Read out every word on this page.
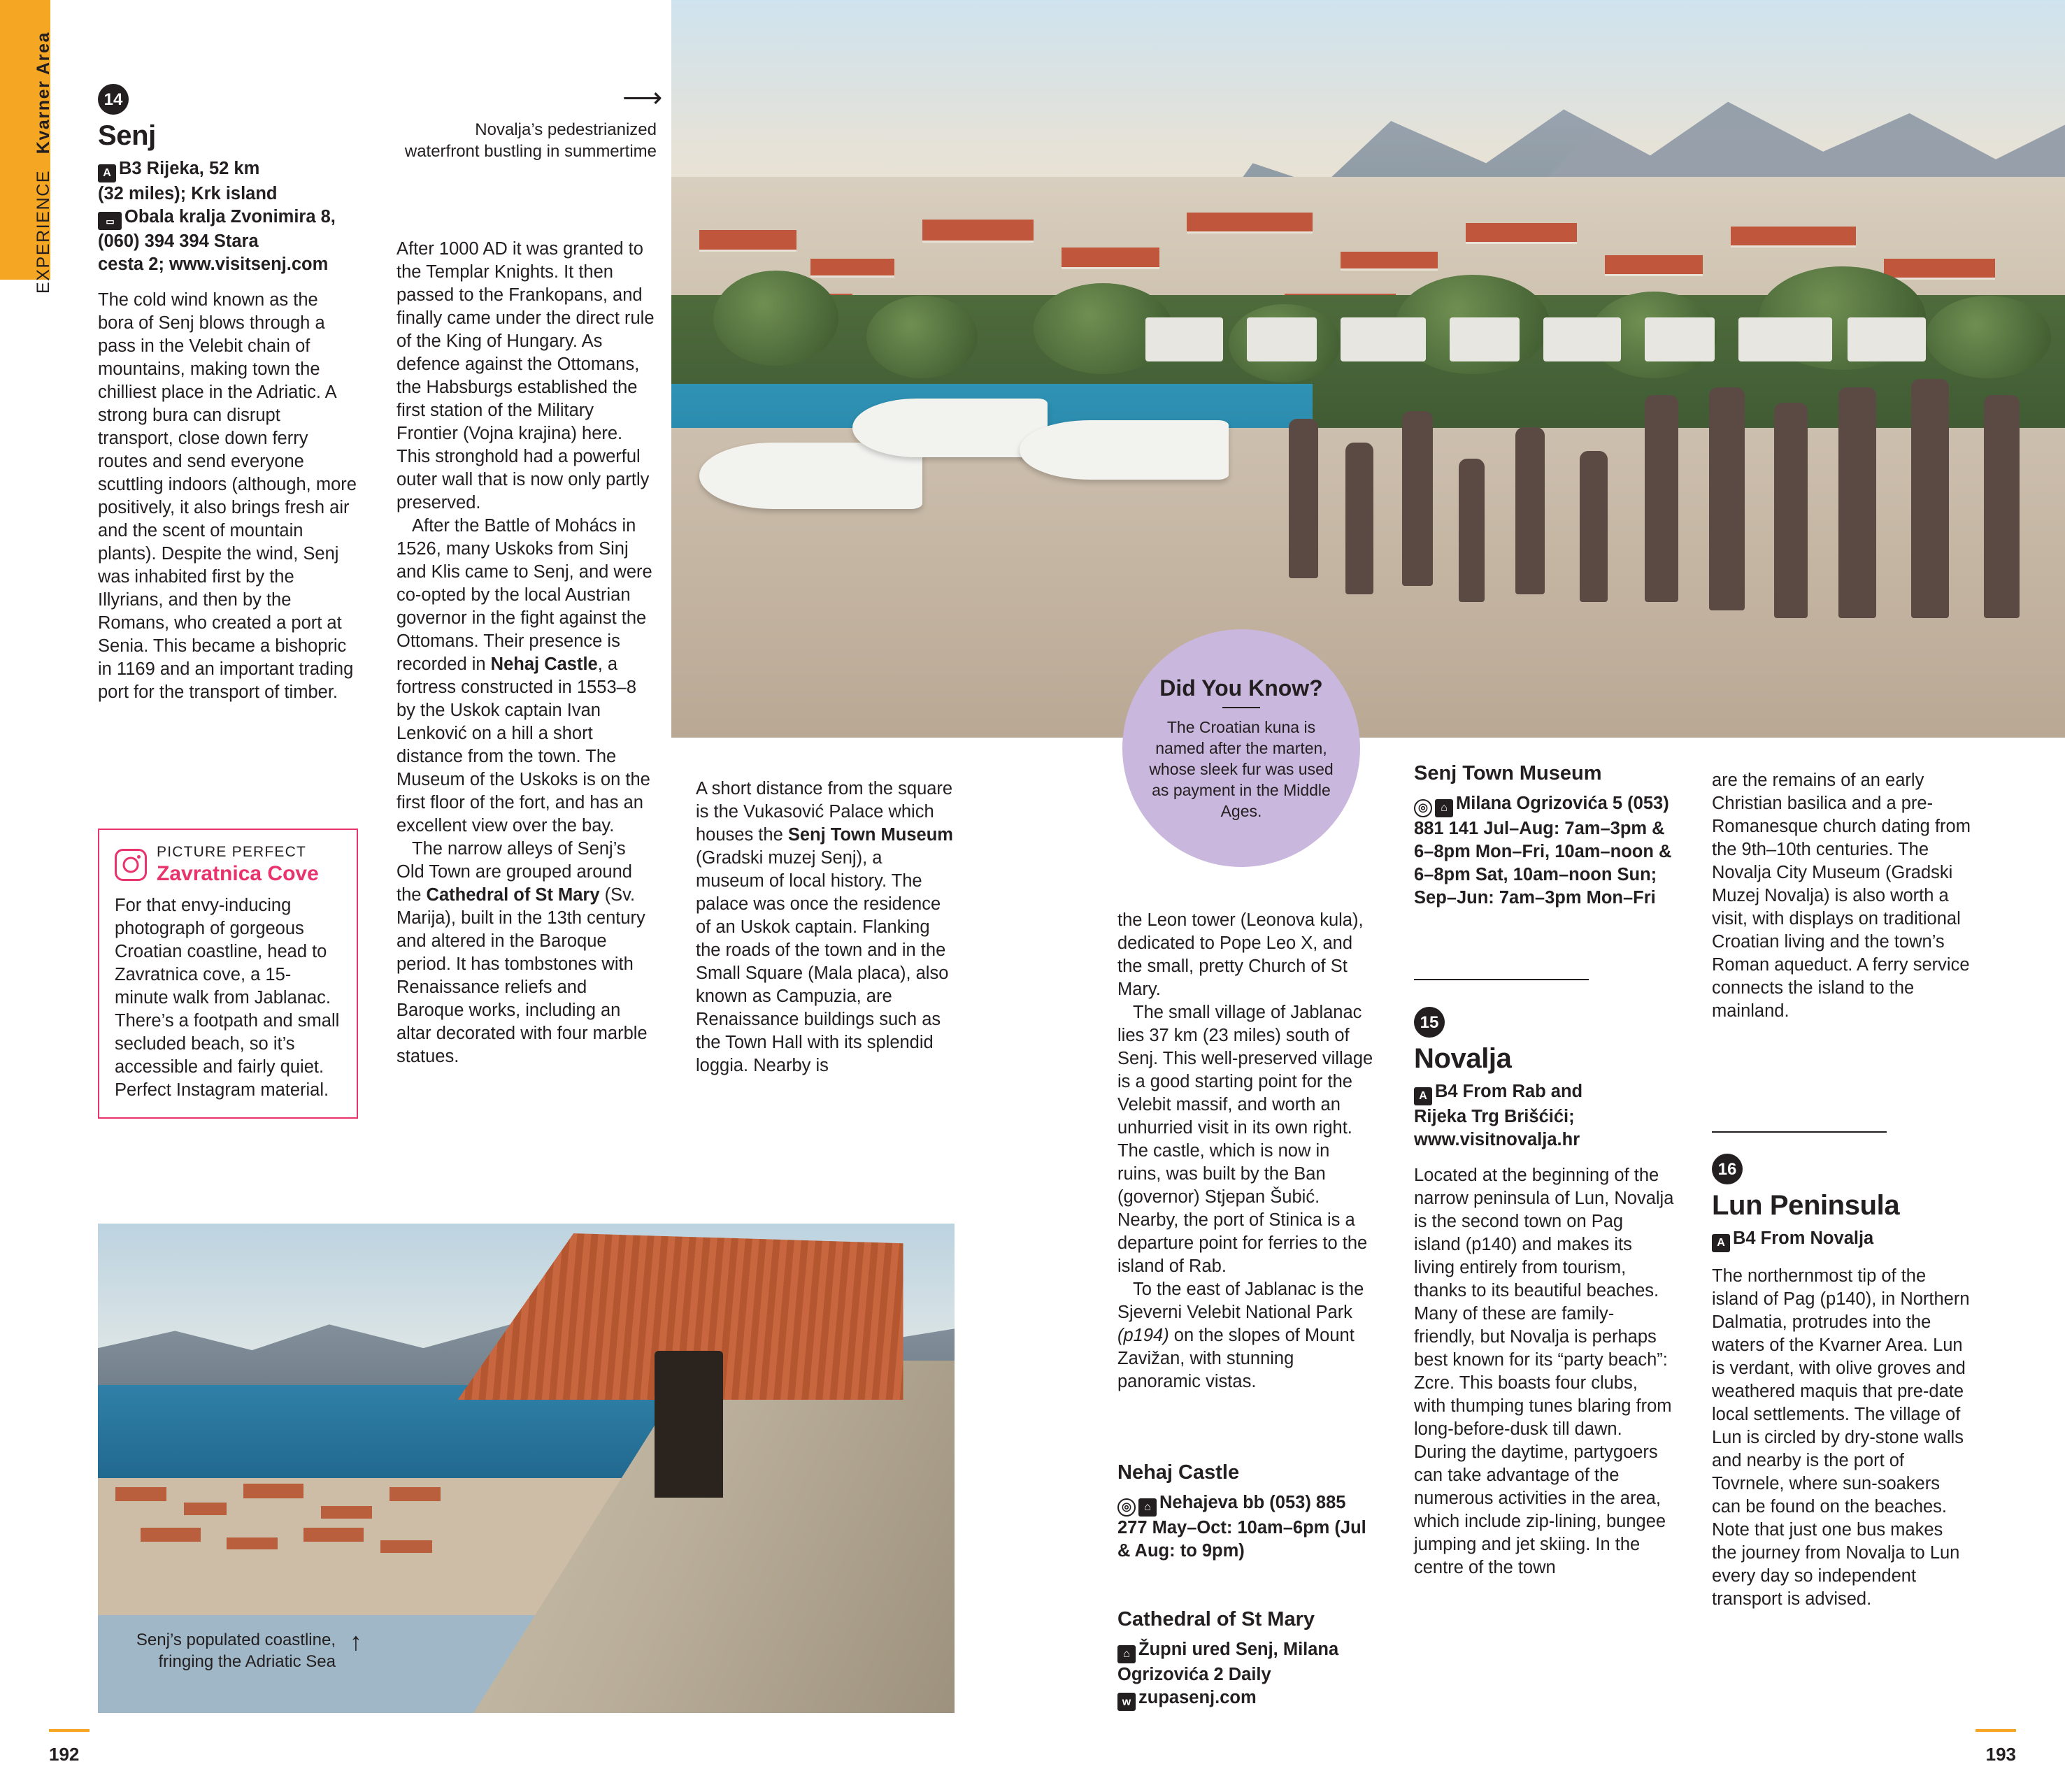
EXPERIENCE Kvarner Area	14
Senj
A B3 Rijeka, 52 km
(32 miles); Krk island
▭ Obala kralja Zvonimira 8,
(060) 394 394 Stara
cesta 2; www.visitsenj.com

The cold wind known as the bora of Senj blows through a pass in the Velebit chain of mountains, making town the chilliest place in the Adriatic. A strong bura can disrupt transport, close down ferry routes and send everyone scuttling indoors (although, more positively, it also brings fresh air and the scent of mountain plants). Despite the wind, Senj was inhabited first by the Illyrians, and then by the Romans, who created a port at Senia. This became a bishopric in 1169 and an important trading port for the transport of timber.

PICTURE PERFECT
Zavratnica Cove
For that envy-inducing photograph of gorgeous Croatian coastline, head to Zavratnica cove, a 15-minute walk from Jablanac. There’s a footpath and small secluded beach, so it’s accessible and fairly quiet. Perfect Instagram material.

After 1000 AD it was granted to the Templar Knights. It then passed to the Frankopans, and finally came under the direct rule of the King of Hungary. As defence against the Ottomans, the Habsburgs established the first station of the Military Frontier (Vojna krajina) here. This stronghold had a powerful outer wall that is now only partly preserved.

After the Battle of Mohács in 1526, many Uskoks from Sinj and Klis came to Senj, and were co-opted by the local Austrian governor in the fight against the Ottomans. Their presence is recorded in Nehaj Castle, a fortress constructed in 1553–8 by the Uskok captain Ivan Lenković on a hill a short distance from the town. The Museum of the Uskoks is on the first floor of the fort, and has an excellent view over the bay.

The narrow alleys of Senj’s Old Town are grouped around the Cathedral of St Mary (Sv. Marija), built in the 13th century and altered in the Baroque period. It has tombstones with Renaissance reliefs and Baroque works, including an altar decorated with four marble statues.

A short distance from the square is the Vukasović Palace which houses the Senj Town Museum (Gradski muzej Senj), a museum of local history. The palace was once the residence of an Uskok captain. Flanking the roads of the town and in the Small Square (Mala placa), also known as Campuzia, are Renaissance buildings such as the Town Hall with its splendid loggia. Nearby is

the Leon tower (Leonova kula), dedicated to Pope Leo X, and the small, pretty Church of St Mary.

The small village of Jablanac lies 37 km (23 miles) south of Senj. This well-preserved village is a good starting point for the Velebit massif, and worth an unhurried visit in its own right. The castle, which is now in ruins, was built by the Ban (governor) Stjepan Šubić. Nearby, the port of Stinica is a departure point for ferries to the island of Rab.

To the east of Jablanac is the Sjeverni Velebit National Park (p194) on the slopes of Mount Zavižan, with stunning panoramic vistas.

Nehaj Castle
◎ ⌂ Nehajeva bb (053) 885 277 May–Oct: 10am–6pm (Jul & Aug: to 9pm)
Cathedral of St Mary
⌂ Župni ured Senj, Milana Ogrizovića 2 Daily
w zupasenj.com
Senj Town Museum
◎ ⌂ Milana Ogrizovića 5 (053) 881 141 Jul–Aug: 7am–3pm & 6–8pm Mon–Fri, 10am–noon & 6–8pm Sat, 10am–noon Sun; Sep–Jun: 7am–3pm Mon–Fri
15
Novalja
A B4 From Rab and
Rijeka Trg Brišćići;
www.visitnovalja.hr

Located at the beginning of the narrow peninsula of Lun, Novalja is the second town on Pag island (p140) and makes its living entirely from tourism, thanks to its beautiful beaches. Many of these are family-friendly, but Novalja is perhaps best known for its “party beach”: Zcre. This boasts four clubs, with thumping tunes blaring from long-before-dusk till dawn. During the daytime, partygoers can take advantage of the numerous activities in the area, which include zip-lining, bungee jumping and jet skiing. In the centre of the town

are the remains of an early Christian basilica and a pre-Romanesque church dating from the 9th–10th centuries. The Novalja City Museum (Gradski Muzej Novalja) is also worth a visit, with displays on traditional Croatian living and the town’s Roman aqueduct. A ferry service connects the island to the mainland.

16
Lun Peninsula
A B4 From Novalja

The northernmost tip of the island of Pag (p140), in Northern Dalmatia, protrudes into the waters of the Kvarner Area. Lun is verdant, with olive groves and weathered maquis that pre-date local settlements. The village of Lun is circled by dry-stone walls and nearby is the port of Tovrnele, where sun-soakers can be found on the beaches. Note that just one bus makes the journey from Novalja to Lun every day so independent transport is advised.

⟶
Novalja’s pedestrianized waterfront bustling in summertime
Did You Know?

The Croatian kuna is named after the marten, whose sleek fur was used as payment in the Middle Ages.

Senj’s populated coastline, fringing the Adriatic Sea
↑
192	193
